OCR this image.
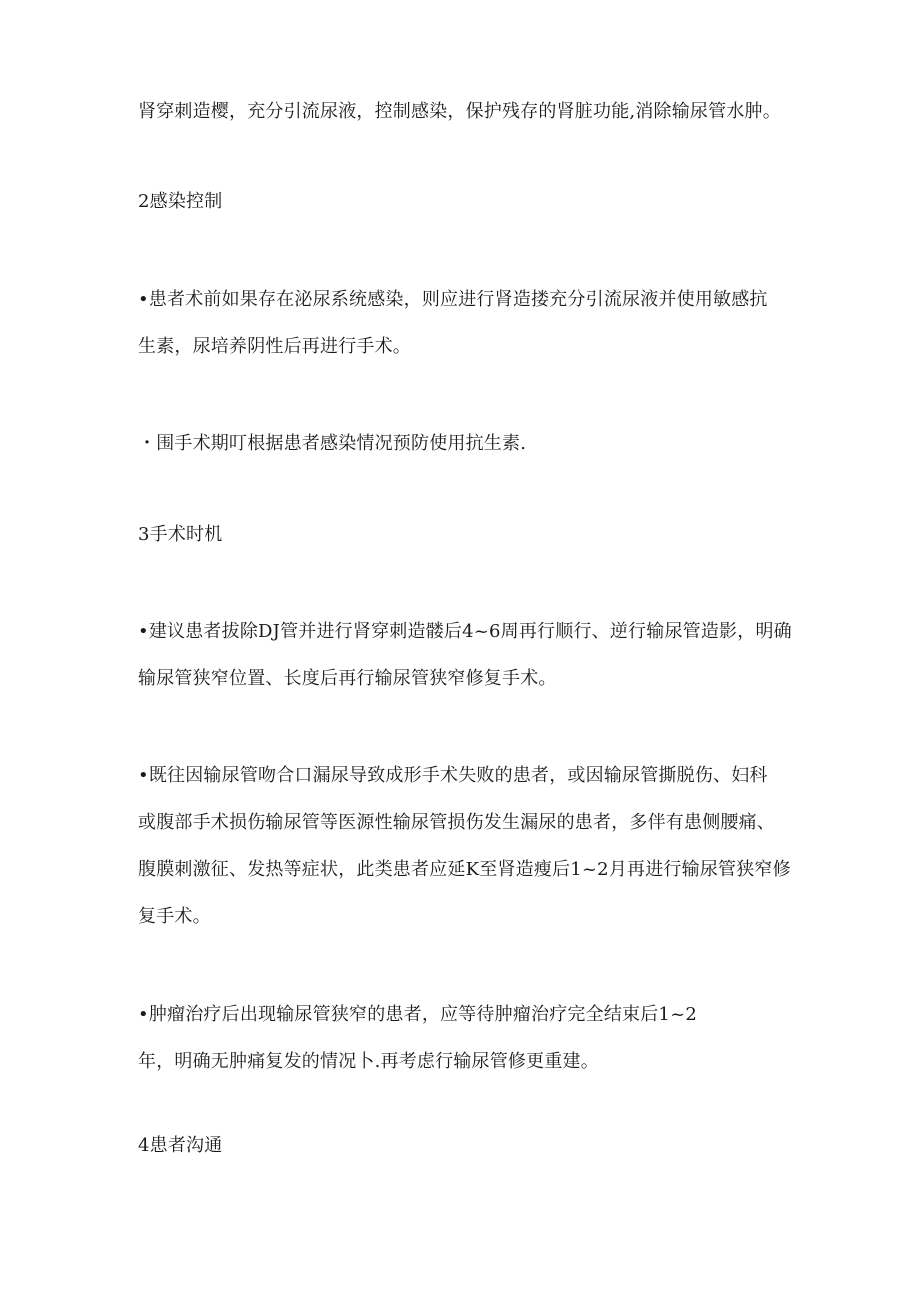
肾穿刺造樱，充分引流尿液，控制感染，保护残存的肾脏功能,消除输尿管水肿。
2感染控制
•患者术前如果存在泌尿系统感染，则应进行肾造搂充分引流尿液并使用敏感抗
生素，尿培养阴性后再进行手术。
・围手术期叮根据患者感染情况预防使用抗生素.
3手术时机
•建议患者拔除DJ管并进行肾穿刺造髅后4~6周再行顺行、逆行输尿管造影，明确
输尿管狭窄位置、长度后再行输尿管狭窄修复手术。
•既往因输尿管吻合口漏尿导致成形手术失败的患者，或因输尿管撕脱伤、妇科
或腹部手术损伤输尿管等医源性输尿管损伤发生漏尿的患者，多伴有患侧腰痛、
腹膜刺激征、发热等症状，此类患者应延K至肾造瘦后1~2月再进行输尿管狭窄修
复手术。
•肿瘤治疗后出现输尿管狭窄的患者，应等待肿瘤治疗完全结束后1~2
年，明确无肿痛复发的情况卜.再考虑行输尿管修更重建。
4患者沟通
